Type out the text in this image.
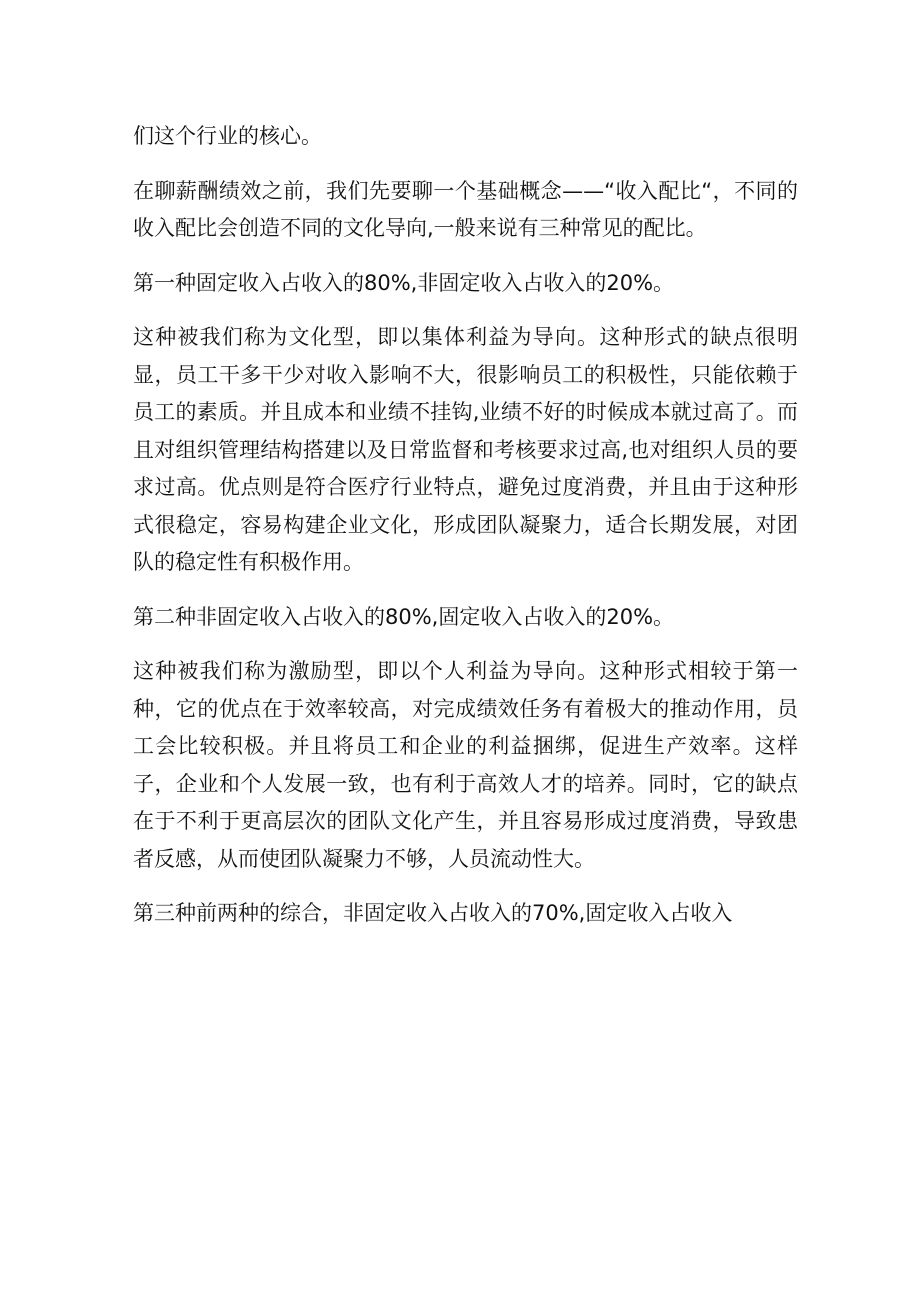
们这个行业的核心。

在聊薪酬绩效之前，我们先要聊一个基础概念——“收入配比“，不同的收入配比会创造不同的文化导向,一般来说有三种常见的配比。

第一种固定收入占收入的80%,非固定收入占收入的20%。

这种被我们称为文化型，即以集体利益为导向。这种形式的缺点很明显，员工干多干少对收入影响不大，很影响员工的积极性，只能依赖于员工的素质。并且成本和业绩不挂钩,业绩不好的时候成本就过高了。而且对组织管理结构搭建以及日常监督和考核要求过高,也对组织人员的要求过高。优点则是符合医疗行业特点，避免过度消费，并且由于这种形式很稳定，容易构建企业文化，形成团队凝聚力，适合长期发展，对团队的稳定性有积极作用。

第二种非固定收入占收入的80%,固定收入占收入的20%。

这种被我们称为激励型，即以个人利益为导向。这种形式相较于第一种，它的优点在于效率较高，对完成绩效任务有着极大的推动作用，员工会比较积极。并且将员工和企业的利益捆绑，促进生产效率。这样子，企业和个人发展一致，也有利于高效人才的培养。同时，它的缺点在于不利于更高层次的团队文化产生，并且容易形成过度消费，导致患者反感，从而使团队凝聚力不够，人员流动性大。

第三种前两种的综合，非固定收入占收入的70%,固定收入占收入
